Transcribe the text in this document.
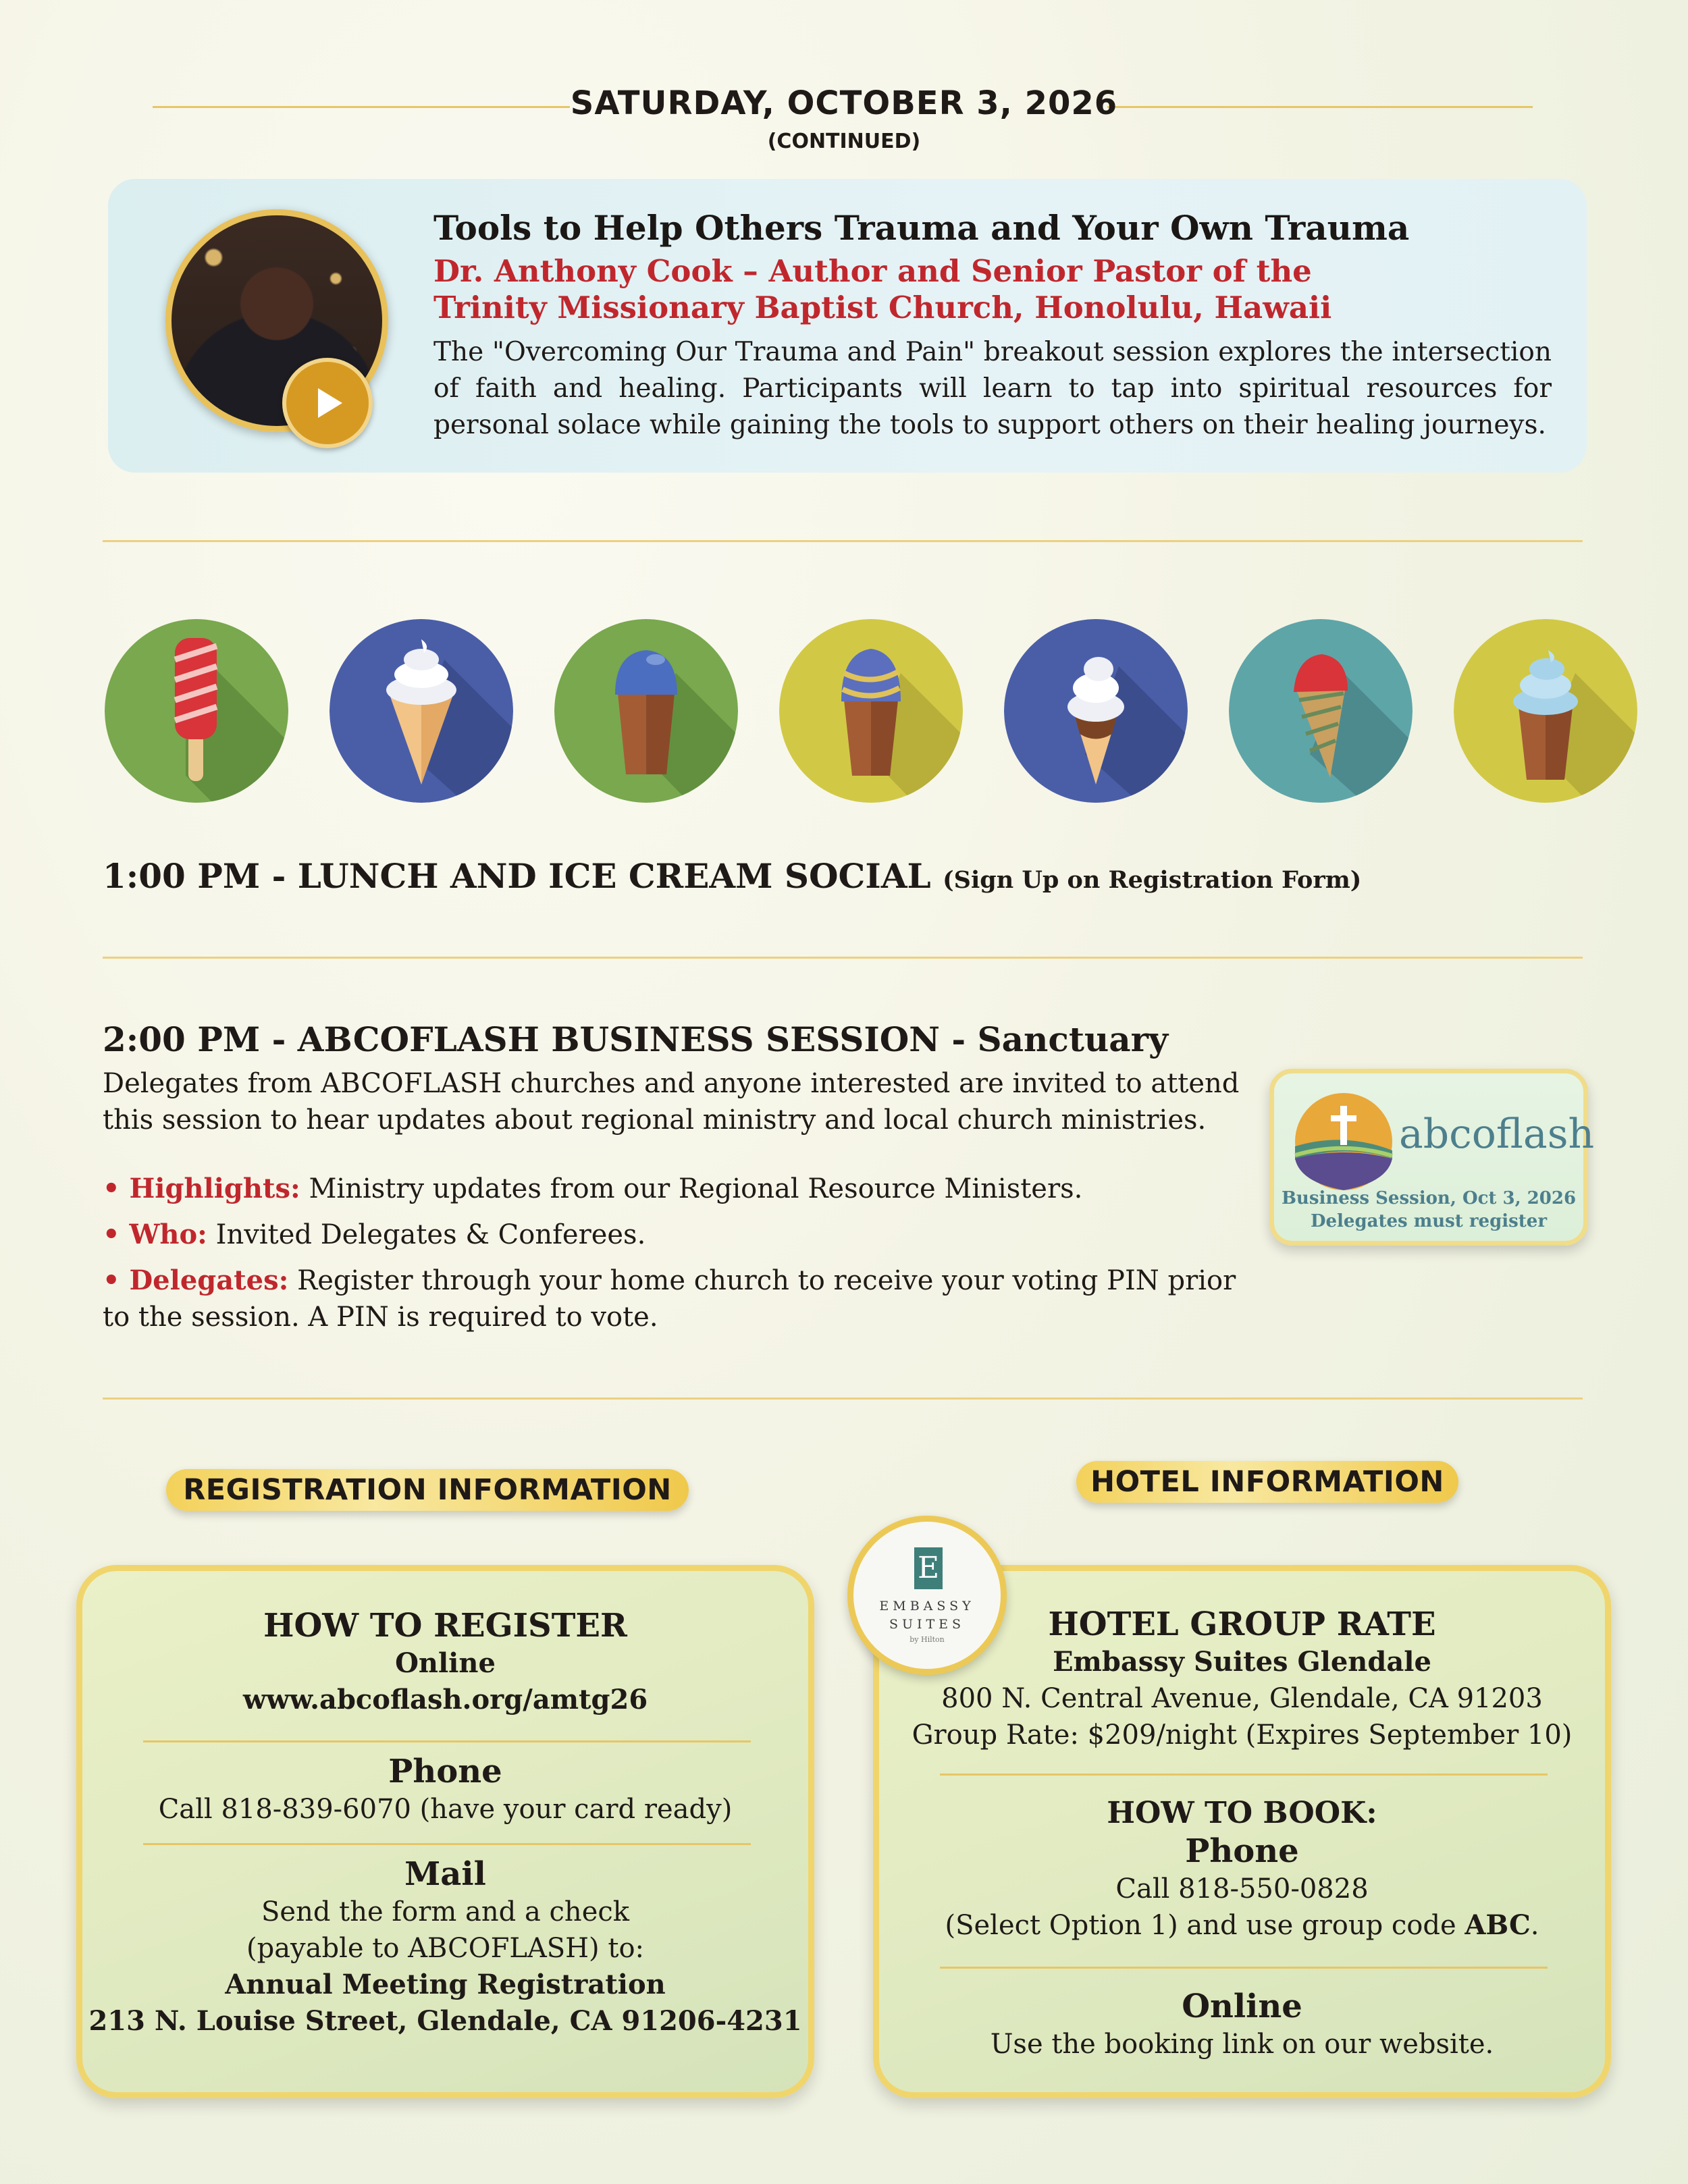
SATURDAY, OCTOBER 3, 2026
(CONTINUED)
Tools to Help Others Trauma and Your Own Trauma
Dr. Anthony Cook – Author and Senior Pastor of the
Trinity Missionary Baptist Church, Honolulu, Hawaii
The "Overcoming Our Trauma and Pain" breakout session explores the intersection of faith and healing. Participants will learn to tap into spiritual resources for personal solace while gaining the tools to support others on their healing journeys.
1:00 PM - LUNCH AND ICE CREAM SOCIAL (Sign Up on Registration Form)
2:00 PM - ABCOFLASH BUSINESS SESSION - Sanctuary
Delegates from ABCOFLASH churches and anyone interested are invited to attend this session to hear updates about regional ministry and local church ministries.
• Highlights: Ministry updates from our Regional Resource Ministers.
• Who: Invited Delegates & Conferees.
• Delegates: Register through your home church to receive your voting PIN prior to the session. A PIN is required to vote.
abcoflash
Business Session, Oct 3, 2026
Delegates must register
REGISTRATION INFORMATION	HOTEL INFORMATION
HOW TO REGISTER
Online
www.abcoflash.org/amtg26
Phone
Call 818-839-6070 (have your card ready)
Mail
Send the form and a check
(payable to ABCOFLASH) to:
Annual Meeting Registration
213 N. Louise Street, Glendale, CA 91206-4231
HOTEL GROUP RATE
Embassy Suites Glendale
800 N. Central Avenue, Glendale, CA 91203
Group Rate: $209/night (Expires September 10)
HOW TO BOOK:
Phone
Call 818-550-0828
(Select Option 1) and use group code ABC.
Online
Use the booking link on our website.
E
EMBASSY
SUITES
by Hilton
